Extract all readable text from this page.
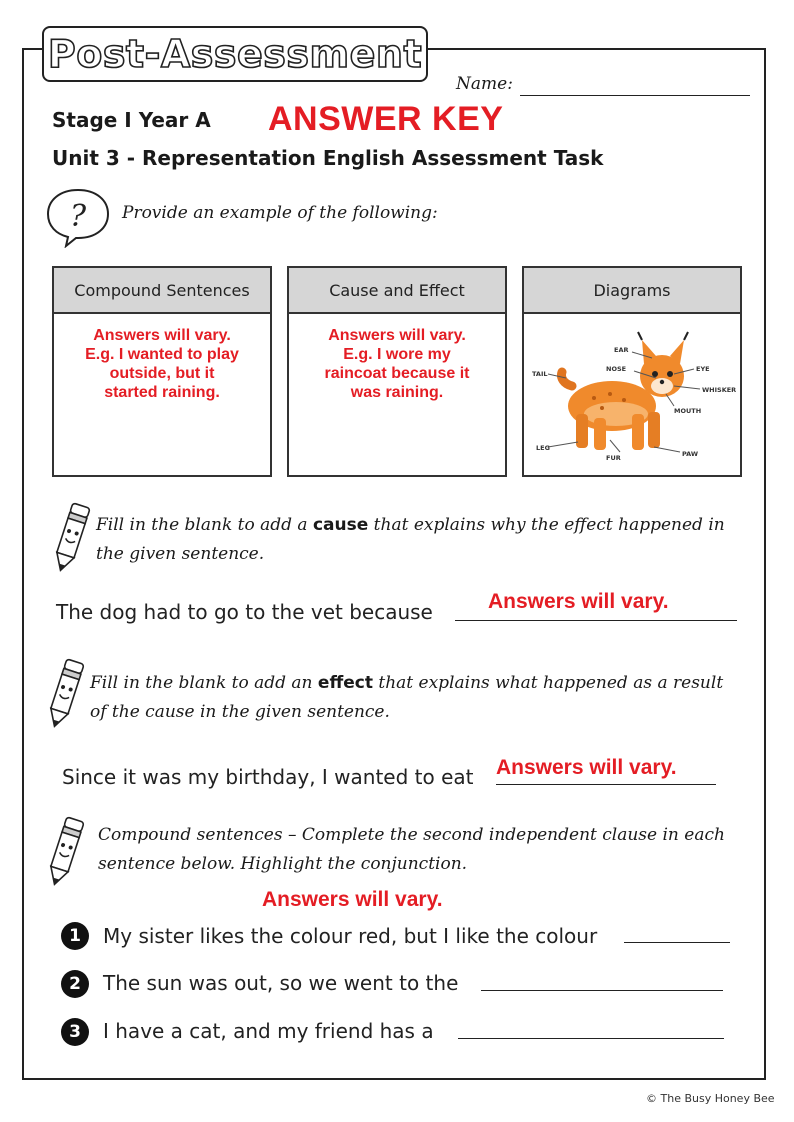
Post-Assessment
Name:
Stage I Year A ANSWER KEY
Unit 3 - Representation English Assessment Task
? Provide an example of the following:
Compound Sentences
Answers will vary.
E.g. I wanted to play
outside, but it
started raining.
Cause and Effect
Answers will vary.
E.g. I wore my
raincoat because it
was raining.
Diagrams
EAR
NOSE	EYE
TAIL
WHISKER
MOUTH
LEG
FUR	PAW
Fill in the blank to add a cause that explains why the effect happened in
the given sentence.
The dog had to go to the vet because	Answers will vary.
Fill in the blank to add an effect that explains what happened as a result
of the cause in the given sentence.
Since it was my birthday, I wanted to eat Answers will vary.
Compound sentences – Complete the second independent clause in each
sentence below. Highlight the conjunction.
Answers will vary.
1	My sister likes the colour red, but I like the colour
2	The sun was out, so we went to the
3	I have a cat, and my friend has a
© The Busy Honey Bee
